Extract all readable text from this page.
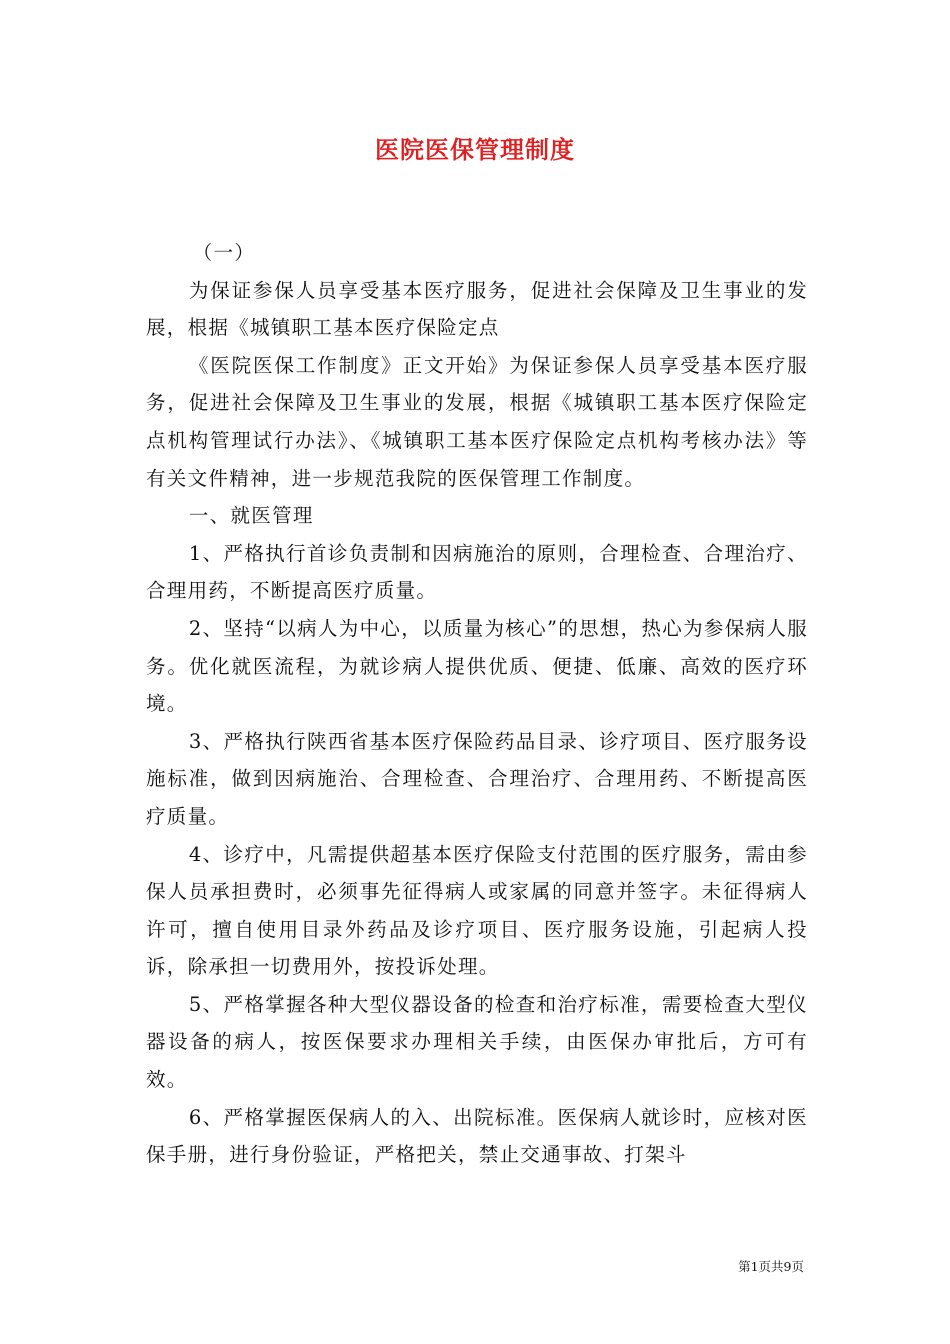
医院医保管理制度

（一）

为保证参保人员享受基本医疗服务，促进社会保障及卫生事业的发展，根据《城镇职工基本医疗保险定点

《医院医保工作制度》正文开始》为保证参保人员享受基本医疗服务，促进社会保障及卫生事业的发展，根据《城镇职工基本医疗保险定点机构管理试行办法》、《城镇职工基本医疗保险定点机构考核办法》等有关文件精神，进一步规范我院的医保管理工作制度。

一、就医管理

1、严格执行首诊负责制和因病施治的原则，合理检查、合理治疗、合理用药，不断提高医疗质量。

2、坚持“以病人为中心，以质量为核心”的思想，热心为参保病人服务。优化就医流程，为就诊病人提供优质、便捷、低廉、高效的医疗环境。

3、严格执行陕西省基本医疗保险药品目录、诊疗项目、医疗服务设施标准，做到因病施治、合理检查、合理治疗、合理用药、不断提高医疗质量。

4、诊疗中，凡需提供超基本医疗保险支付范围的医疗服务，需由参保人员承担费时，必须事先征得病人或家属的同意并签字。未征得病人许可，擅自使用目录外药品及诊疗项目、医疗服务设施，引起病人投诉，除承担一切费用外，按投诉处理。

5、严格掌握各种大型仪器设备的检查和治疗标准，需要检查大型仪器设备的病人，按医保要求办理相关手续，由医保办审批后，方可有效。

6、严格掌握医保病人的入、出院标准。医保病人就诊时，应核对医保手册，进行身份验证，严格把关，禁止交通事故、打架斗

第1页共9页
